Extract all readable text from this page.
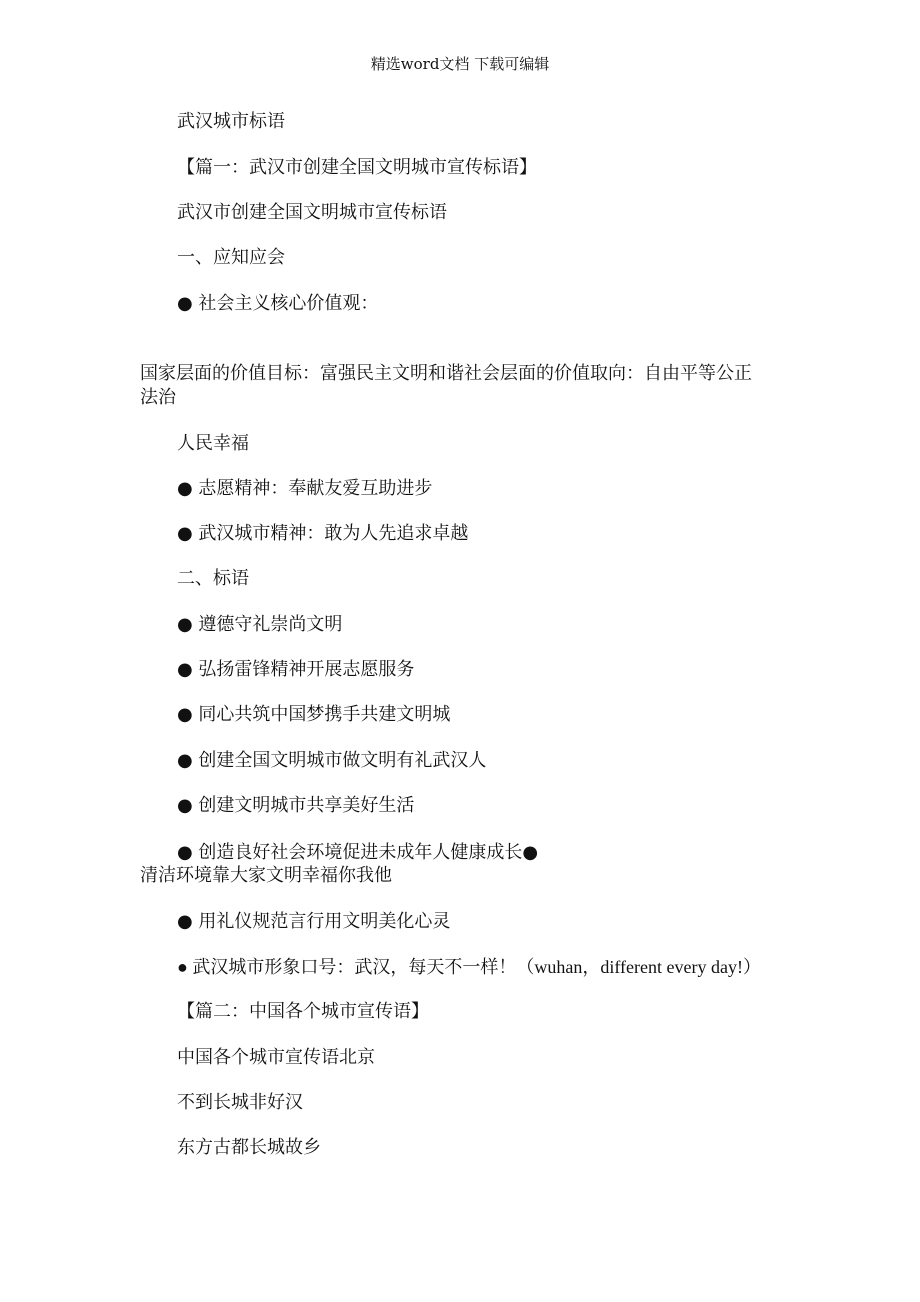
精选word文档 下载可编辑
武汉城市标语
【篇一：武汉市创建全国文明城市宣传标语】
武汉市创建全国文明城市宣传标语
一、应知应会
● 社会主义核心价值观：
国家层面的价值目标：富强民主文明和谐社会层面的价值取向：自由平等公正
法治
人民幸福
● 志愿精神：奉献友爱互助进步
● 武汉城市精神：敢为人先追求卓越
二、标语
● 遵德守礼崇尚文明
● 弘扬雷锋精神开展志愿服务
● 同心共筑中国梦携手共建文明城
● 创建全国文明城市做文明有礼武汉人
● 创建文明城市共享美好生活
● 创造良好社会环境促进未成年人健康成长●
清洁环境靠大家文明幸福你我他
● 用礼仪规范言行用文明美化心灵
● 武汉城市形象口号：武汉，每天不一样！（wuhan，different every day!）
【篇二：中国各个城市宣传语】
中国各个城市宣传语北京
不到长城非好汉
东方古都长城故乡
